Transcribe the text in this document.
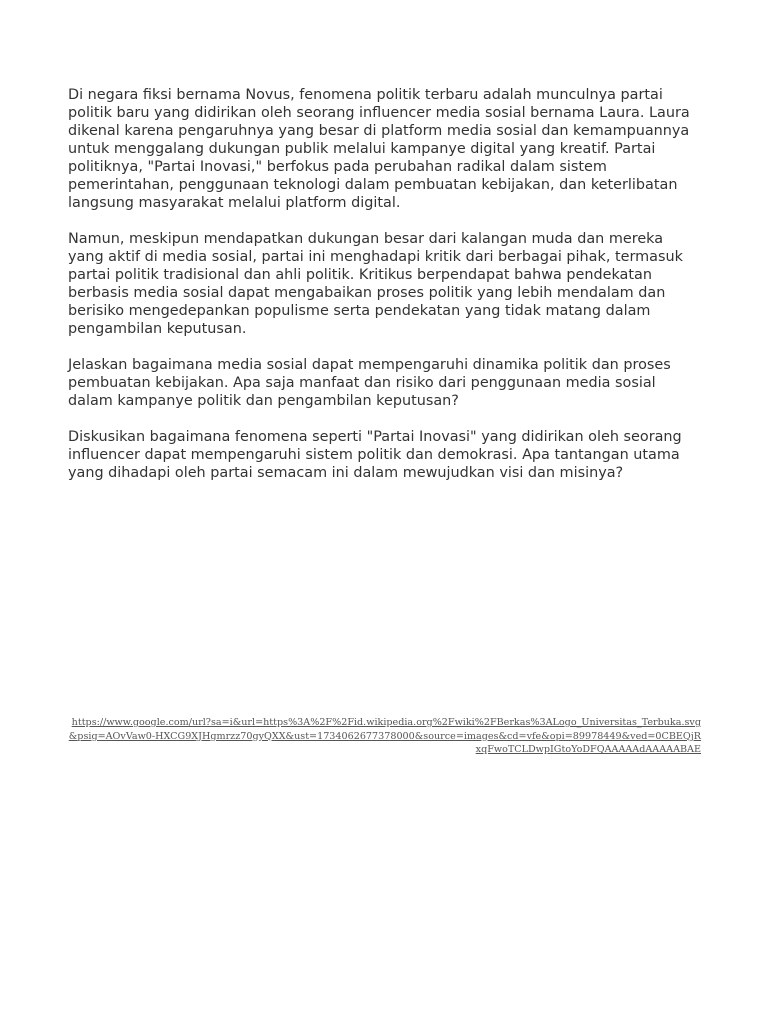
Di negara fiksi bernama Novus, fenomena politik terbaru adalah munculnya partai politik baru yang didirikan oleh seorang influencer media sosial bernama Laura. Laura dikenal karena pengaruhnya yang besar di platform media sosial dan kemampuannya untuk menggalang dukungan publik melalui kampanye digital yang kreatif. Partai politiknya, "Partai Inovasi," berfokus pada perubahan radikal dalam sistem pemerintahan, penggunaan teknologi dalam pembuatan kebijakan, dan keterlibatan langsung masyarakat melalui platform digital.

Namun, meskipun mendapatkan dukungan besar dari kalangan muda dan mereka yang aktif di media sosial, partai ini menghadapi kritik dari berbagai pihak, termasuk partai politik tradisional dan ahli politik. Kritikus berpendapat bahwa pendekatan berbasis media sosial dapat mengabaikan proses politik yang lebih mendalam dan berisiko mengedepankan populisme serta pendekatan yang tidak matang dalam pengambilan keputusan.

Jelaskan bagaimana media sosial dapat mempengaruhi dinamika politik dan proses pembuatan kebijakan. Apa saja manfaat dan risiko dari penggunaan media sosial dalam kampanye politik dan pengambilan keputusan?

Diskusikan bagaimana fenomena seperti "Partai Inovasi" yang didirikan oleh seorang influencer dapat mempengaruhi sistem politik dan demokrasi. Apa tantangan utama yang dihadapi oleh partai semacam ini dalam mewujudkan visi dan misinya?

https://www.google.com/url?sa=i&url=https%3A%2F%2Fid.wikipedia.org%2Fwiki%2FBerkas%3ALogo_Universitas_Terbuka.svg&psig=AOvVaw0-HXCG9XJHgmrzz70gyQXX&ust=1734062677378000&source=images&cd=vfe&opi=89978449&ved=0CBEQjRxqFwoTCLDwpIGtoYoDFQAAAAAdAAAAABAE
